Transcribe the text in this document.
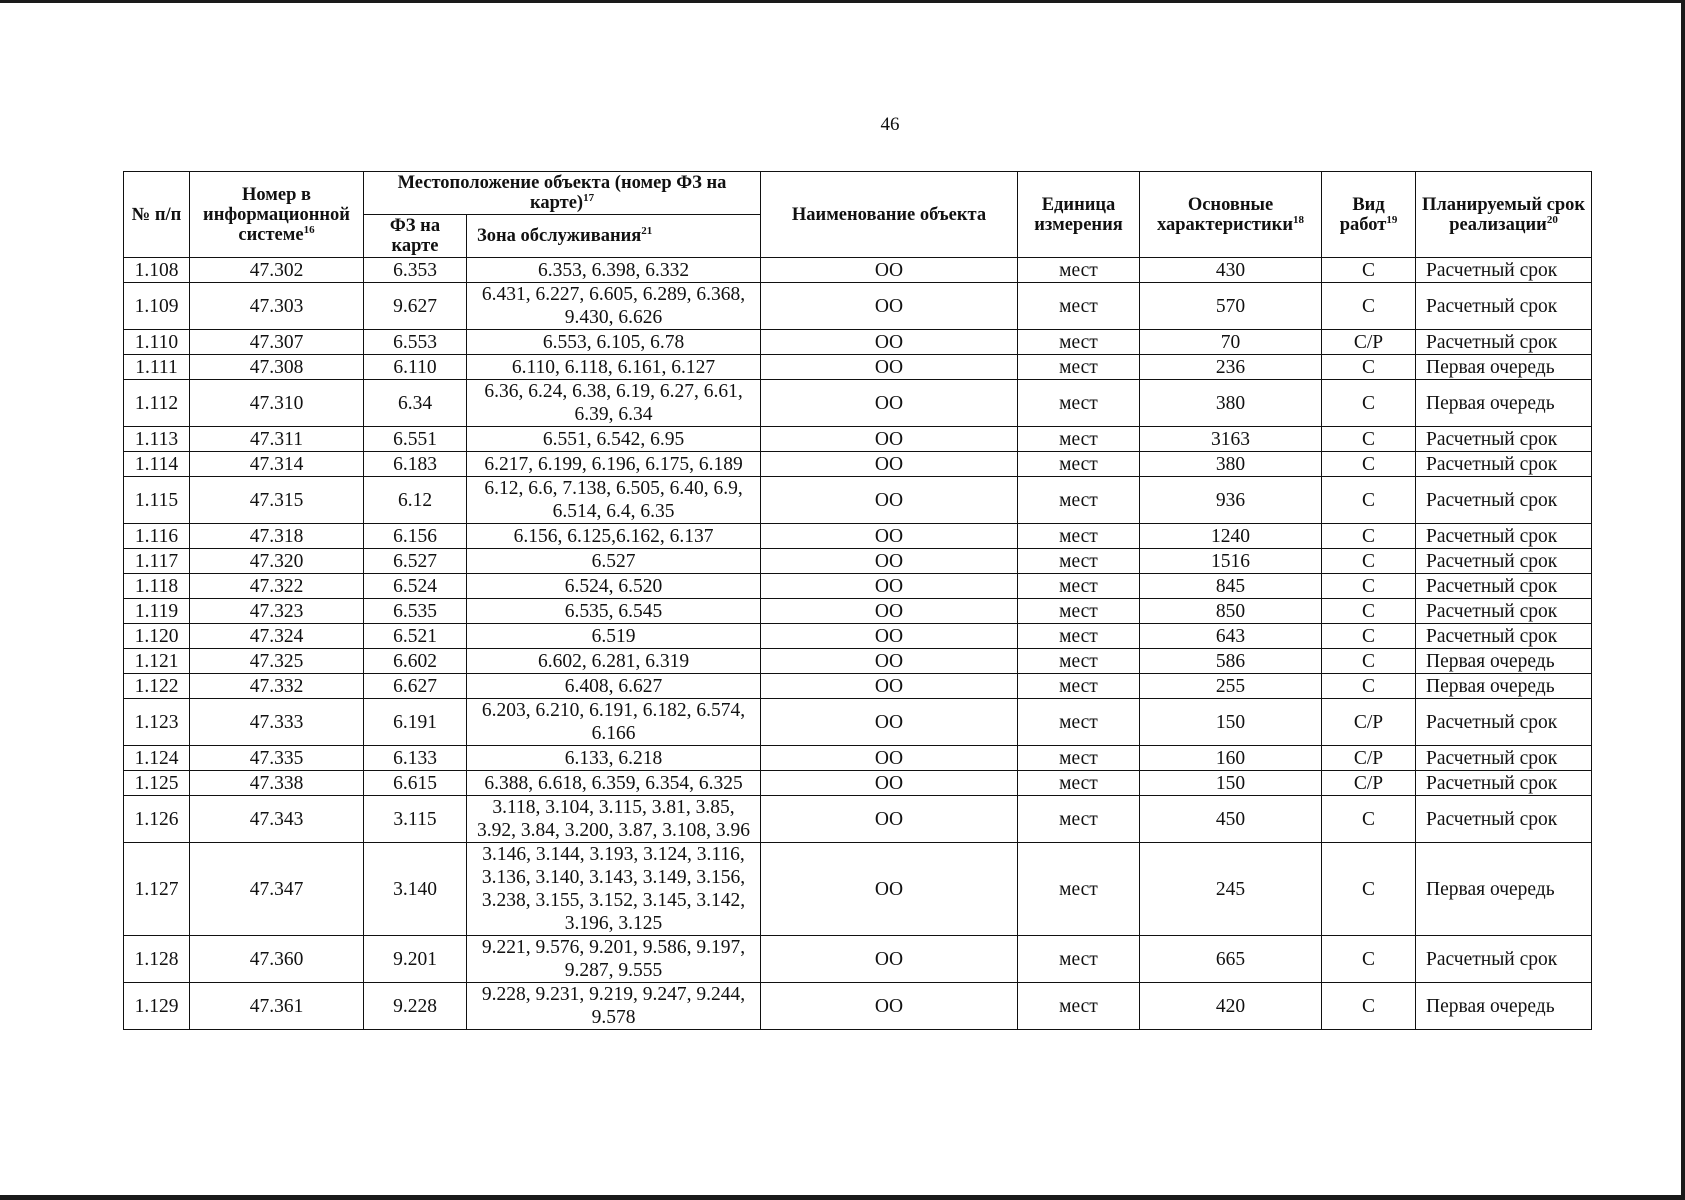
46
№ п/п	Номер в информационной системе$^{16}$	Местоположение объекта (номер ФЗ на карте)$^{17}$		Наименование объекта	Единица измерения	Основные характеристики$^{18}$	Вид работ$^{19}$	Планируемый срок реализации$^{20}$
		ФЗ на карте	Зона обслуживания$^{21}$
1.108	47.302	6.353	6.353, 6.398, 6.332	ОО	мест	430	С	Расчетный срок
1.109	47.303	9.627	6.431, 6.227, 6.605, 6.289, 6.368, 9.430, 6.626	ОО	мест	570	С	Расчетный срок
1.110	47.307	6.553	6.553, 6.105, 6.78	ОО	мест	70	С/Р	Расчетный срок
1.111	47.308	6.110	6.110, 6.118, 6.161, 6.127	ОО	мест	236	С	Первая очередь
1.112	47.310	6.34	6.36, 6.24, 6.38, 6.19, 6.27, 6.61, 6.39, 6.34	ОО	мест	380	С	Первая очередь
1.113	47.311	6.551	6.551, 6.542, 6.95	ОО	мест	3163	С	Расчетный срок
1.114	47.314	6.183	6.217, 6.199, 6.196, 6.175, 6.189	ОО	мест	380	С	Расчетный срок
1.115	47.315	6.12	6.12, 6.6, 7.138, 6.505, 6.40, 6.9, 6.514, 6.4, 6.35	ОО	мест	936	С	Расчетный срок
1.116	47.318	6.156	6.156, 6.125,6.162, 6.137	ОО	мест	1240	С	Расчетный срок
1.117	47.320	6.527	6.527	ОО	мест	1516	С	Расчетный срок
1.118	47.322	6.524	6.524, 6.520	ОО	мест	845	С	Расчетный срок
1.119	47.323	6.535	6.535, 6.545	ОО	мест	850	С	Расчетный срок
1.120	47.324	6.521	6.519	ОО	мест	643	С	Расчетный срок
1.121	47.325	6.602	6.602, 6.281, 6.319	ОО	мест	586	С	Первая очередь
1.122	47.332	6.627	6.408, 6.627	ОО	мест	255	С	Первая очередь
1.123	47.333	6.191	6.203, 6.210, 6.191, 6.182, 6.574, 6.166	ОО	мест	150	С/Р	Расчетный срок
1.124	47.335	6.133	6.133, 6.218	ОО	мест	160	С/Р	Расчетный срок
1.125	47.338	6.615	6.388, 6.618, 6.359, 6.354, 6.325	ОО	мест	150	С/Р	Расчетный срок
1.126	47.343	3.115	3.118, 3.104, 3.115, 3.81, 3.85, 3.92, 3.84, 3.200, 3.87, 3.108, 3.96	ОО	мест	450	С	Расчетный срок
1.127	47.347	3.140	3.146, 3.144, 3.193, 3.124, 3.116, 3.136, 3.140, 3.143, 3.149, 3.156, 3.238, 3.155, 3.152, 3.145, 3.142, 3.196, 3.125	ОО	мест	245	С	Первая очередь
1.128	47.360	9.201	9.221, 9.576, 9.201, 9.586, 9.197, 9.287, 9.555	ОО	мест	665	С	Расчетный срок
1.129	47.361	9.228	9.228, 9.231, 9.219, 9.247, 9.244, 9.578	ОО	мест	420	С	Первая очередь
